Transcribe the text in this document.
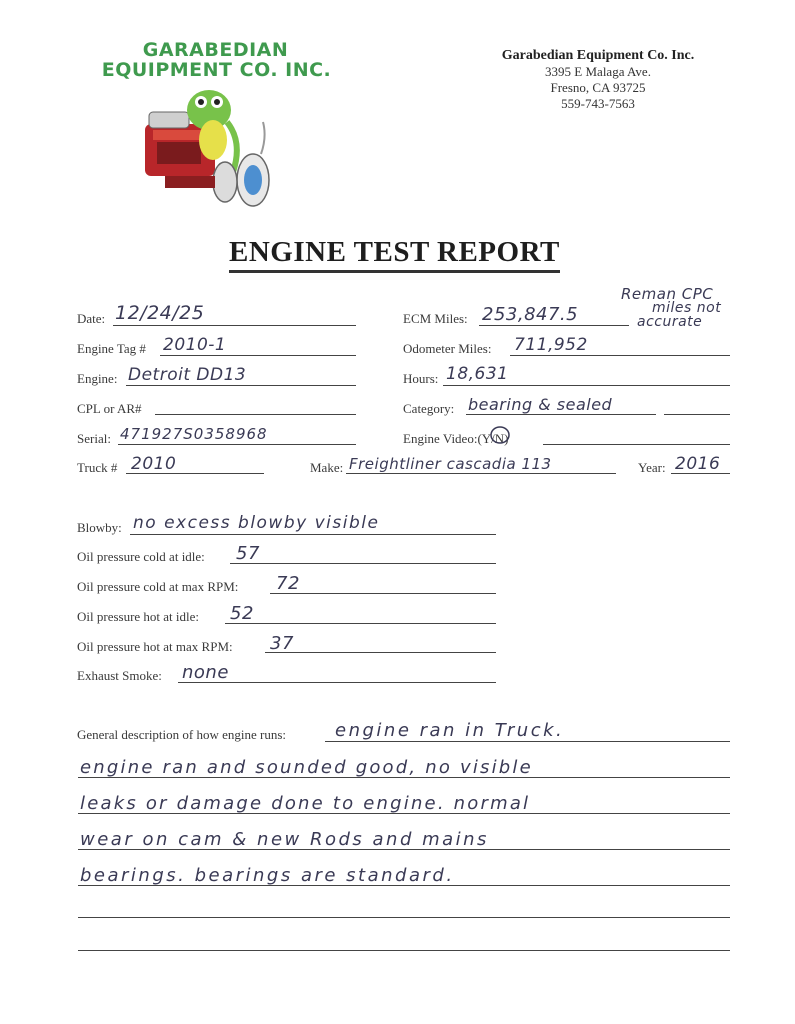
GARABEDIAN
EQUIPMENT CO. INC.
Garabedian Equipment Co. Inc.
3395 E Malaga Ave.
Fresno, CA 93725
559-743-7563
ENGINE TEST REPORT
Date: 12/24/25
Engine Tag # 2010-1
Engine: Detroit DD13
CPL or AR#
Serial: 471927S0358968
Truck # 2010
Reman CPC
miles not
accurate
ECM Miles: 253,847.5
Odometer Miles: 711,952
Hours: 18,631
Category: bearing & sealed
Engine Video:(Y/N)
Make: Freightliner cascadia 113	Year: 2016
Blowby: no excess blowby visible
Oil pressure cold at idle: 57
Oil pressure cold at max RPM: 72
Oil pressure hot at idle: 52
Oil pressure hot at max RPM: 37
Exhaust Smoke: none
General description of how engine runs:	engine ran in Truck.
engine ran and sounded good, no visible
leaks or damage done to engine. normal
wear on cam & new Rods and mains
bearings. bearings are standard.
